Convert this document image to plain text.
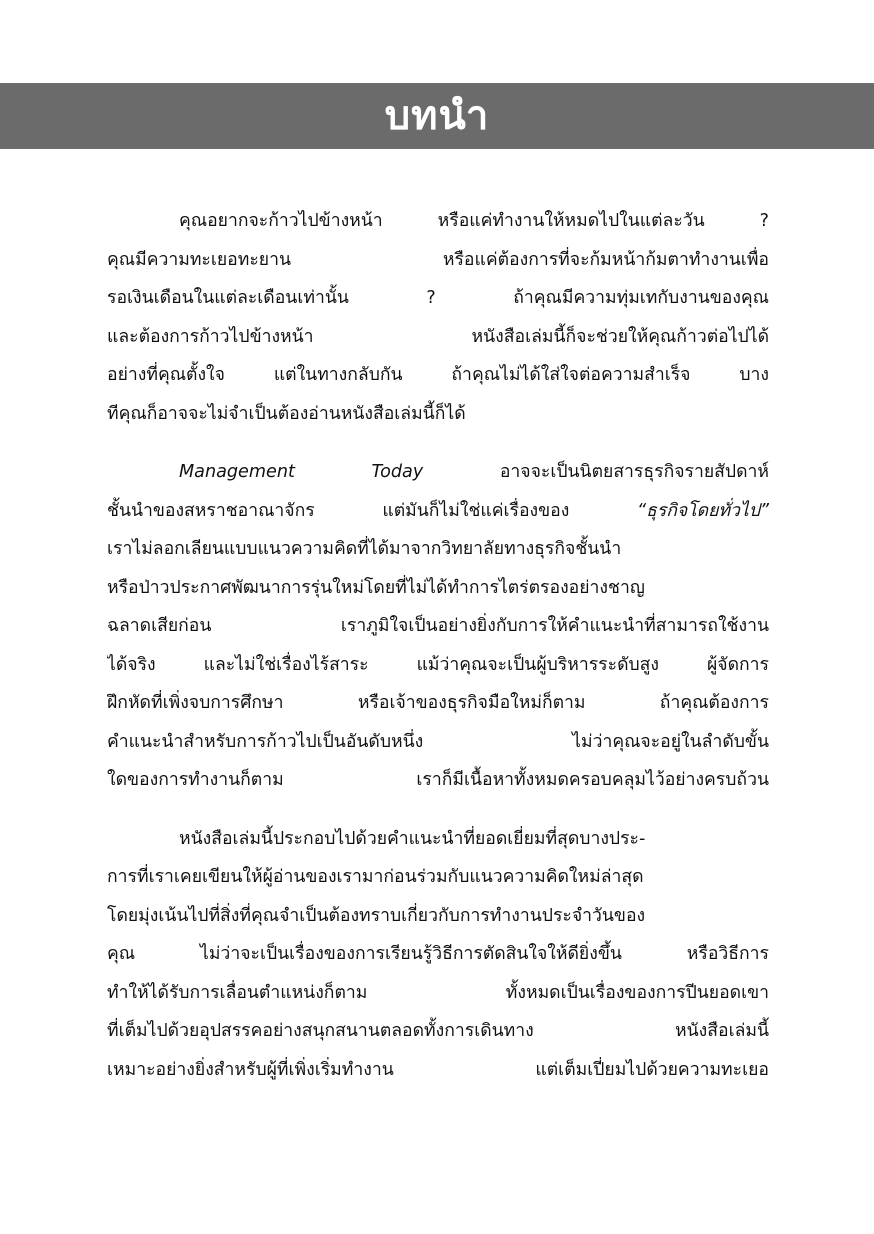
บทนำ
คุณอยากจะก้าวไปข้างหน้า หรือแค่ทำงานให้หมดไปในแต่ละวัน ?
คุณมีความทะเยอทะยาน หรือแค่ต้องการที่จะก้มหน้าก้มตาทำงานเพื่อ
รอเงินเดือนในแต่ละเดือนเท่านั้น ? ถ้าคุณมีความทุ่มเทกับงานของคุณ
และต้องการก้าวไปข้างหน้า หนังสือเล่มนี้ก็จะช่วยให้คุณก้าวต่อไปได้
อย่างที่คุณตั้งใจ แต่ในทางกลับกัน ถ้าคุณไม่ได้ใส่ใจต่อความสำเร็จ บาง
ทีคุณก็อาจจะไม่จำเป็นต้องอ่านหนังสือเล่มนี้ก็ได้
Management Today อาจจะเป็นนิตยสารธุรกิจรายสัปดาห์
ชั้นนำของสหราชอาณาจักร แต่มันก็ไม่ใช่แค่เรื่องของ “ธุรกิจโดยทั่วไป”
เราไม่ลอกเลียนแบบแนวความคิดที่ได้มาจากวิทยาลัยทางธุรกิจชั้นนำ
หรือป่าวประกาศพัฒนาการรุ่นใหม่โดยที่ไม่ได้ทำการไตร่ตรองอย่างชาญ
ฉลาดเสียก่อน เราภูมิใจเป็นอย่างยิ่งกับการให้คำแนะนำที่สามารถใช้งาน
ได้จริง และไม่ใช่เรื่องไร้สาระ แม้ว่าคุณจะเป็นผู้บริหารระดับสูง ผู้จัดการ
ฝึกหัดที่เพิ่งจบการศึกษา หรือเจ้าของธุรกิจมือใหม่ก็ตาม ถ้าคุณต้องการ
คำแนะนำสำหรับการก้าวไปเป็นอันดับหนึ่ง ไม่ว่าคุณจะอยู่ในลำดับขั้น
ใดของการทำงานก็ตาม เราก็มีเนื้อหาทั้งหมดครอบคลุมไว้อย่างครบถ้วน
หนังสือเล่มนี้ประกอบไปด้วยคำแนะนำที่ยอดเยี่ยมที่สุดบางประ-
การที่เราเคยเขียนให้ผู้อ่านของเรามาก่อนร่วมกับแนวความคิดใหม่ล่าสุด
โดยมุ่งเน้นไปที่สิ่งที่คุณจำเป็นต้องทราบเกี่ยวกับการทำงานประจำวันของ
คุณ ไม่ว่าจะเป็นเรื่องของการเรียนรู้วิธีการตัดสินใจให้ดียิ่งขึ้น หรือวิธีการ
ทำให้ได้รับการเลื่อนตำแหน่งก็ตาม ทั้งหมดเป็นเรื่องของการปีนยอดเขา
ที่เต็มไปด้วยอุปสรรคอย่างสนุกสนานตลอดทั้งการเดินทาง หนังสือเล่มนี้
เหมาะอย่างยิ่งสำหรับผู้ที่เพิ่งเริ่มทำงาน แต่เต็มเปี่ยมไปด้วยความทะเยอ
